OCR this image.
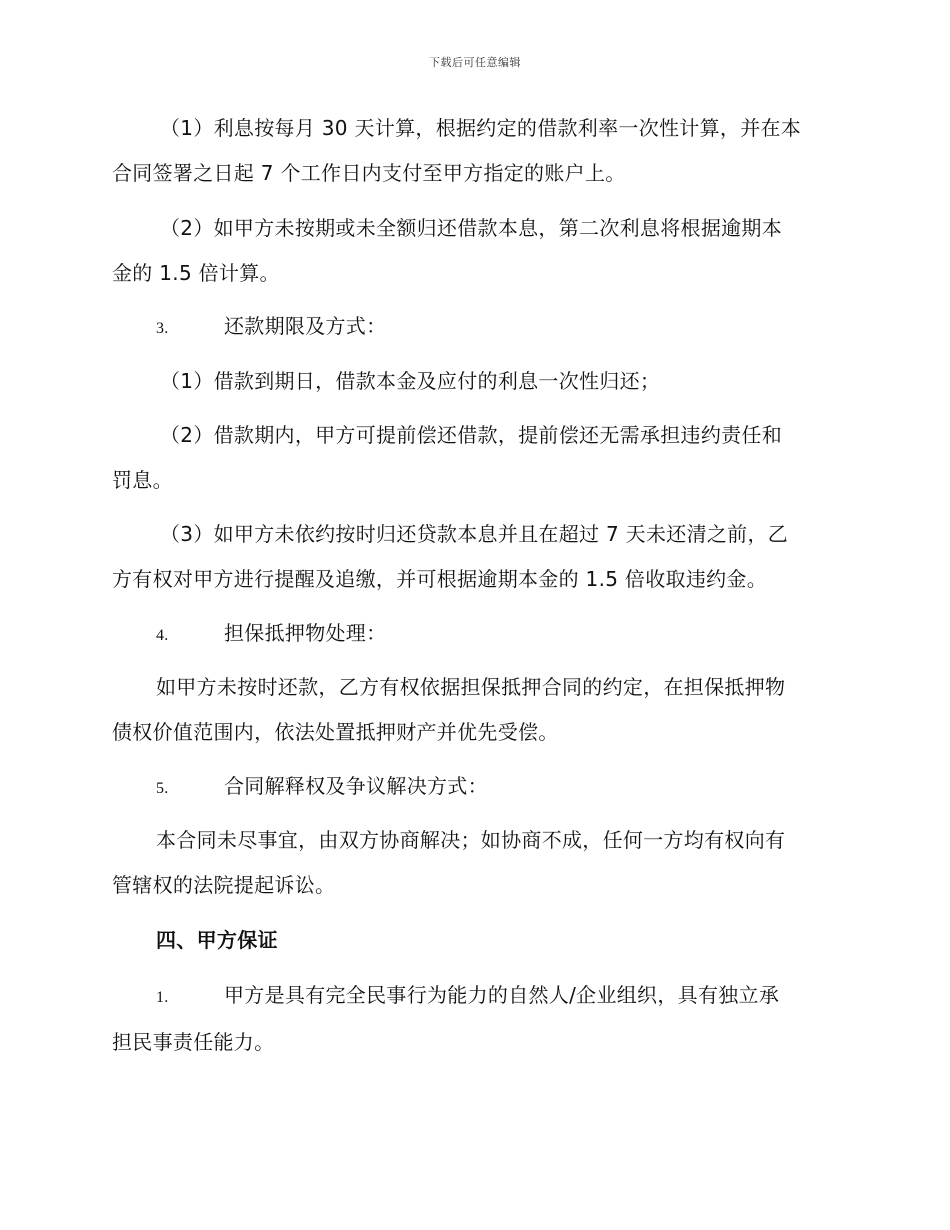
下载后可任意编辑
（1）利息按每月 30 天计算，根据约定的借款利率一次性计算，并在本
合同签署之日起 7 个工作日内支付至甲方指定的账户上。
（2）如甲方未按期或未全额归还借款本息，第二次利息将根据逾期本
金的 1.5 倍计算。
3.	还款期限及方式：
（1）借款到期日，借款本金及应付的利息一次性归还；
（2）借款期内，甲方可提前偿还借款，提前偿还无需承担违约责任和
罚息。
（3）如甲方未依约按时归还贷款本息并且在超过 7 天未还清之前，乙
方有权对甲方进行提醒及追缴，并可根据逾期本金的 1.5 倍收取违约金。
4.	担保抵押物处理：
如甲方未按时还款，乙方有权依据担保抵押合同的约定，在担保抵押物
债权价值范围内，依法处置抵押财产并优先受偿。
5.	合同解释权及争议解决方式：
本合同未尽事宜，由双方协商解决；如协商不成，任何一方均有权向有
管辖权的法院提起诉讼。
四、甲方保证
1.	甲方是具有完全民事行为能力的自然人/企业组织，具有独立承
担民事责任能力。
